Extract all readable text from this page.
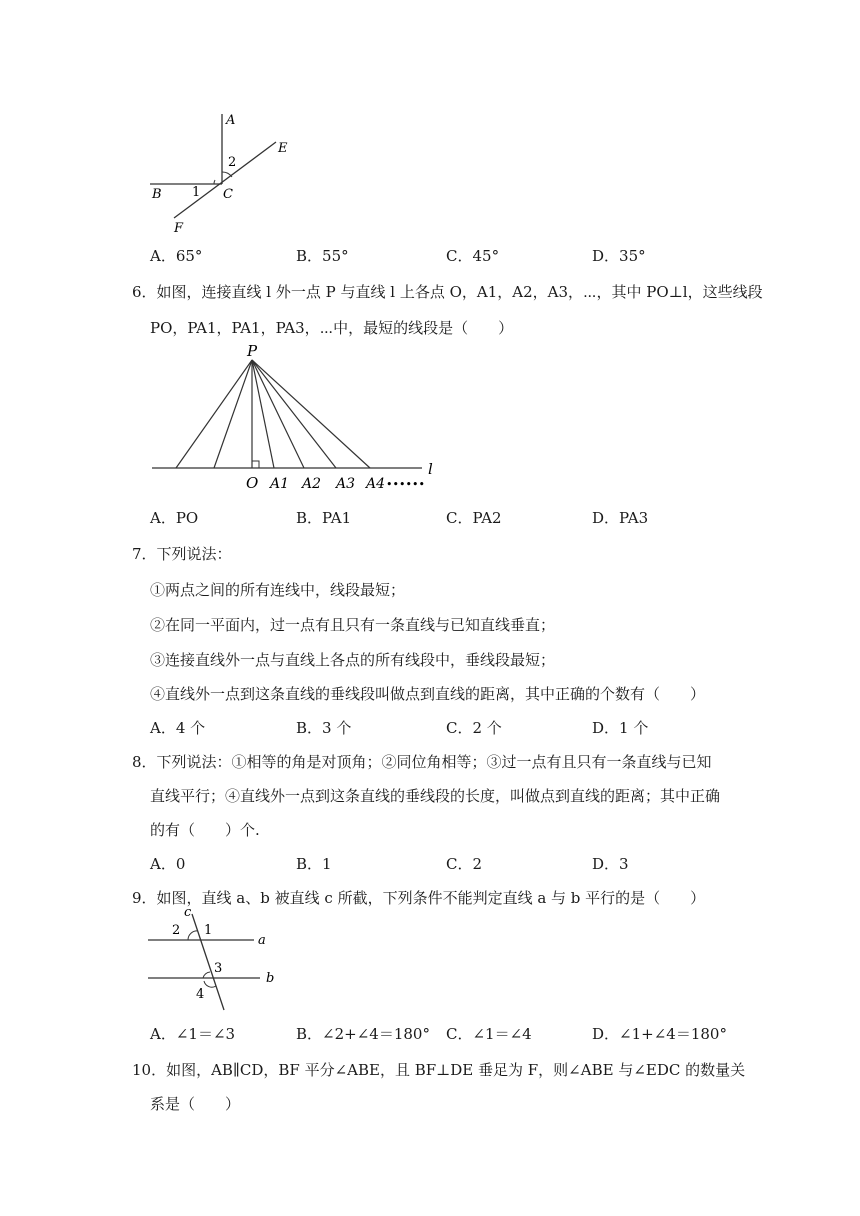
A
2
E
B 1 C
F
A．65°	B．55°	C．45°	D．35°
6．如图，连接直线 l 外一点 P 与直线 l 上各点 O，A1，A2，A3，⋯，其中 PO⊥l，这些线段
PO，PA1，PA1，PA3，⋯中，最短的线段是（　　）
P
l
O A1 A2 A3 A4 ••••••
A．PO	B．PA1	C．PA2	D．PA3
7．下列说法：
①两点之间的所有连线中，线段最短；
②在同一平面内，过一点有且只有一条直线与已知直线垂直；
③连接直线外一点与直线上各点的所有线段中，垂线段最短；
④直线外一点到这条直线的垂线段叫做点到直线的距离，其中正确的个数有（　　）
A．4 个	B．3 个	C．2 个	D．1 个
8．下列说法：①相等的角是对顶角；②同位角相等；③过一点有且只有一条直线与已知
直线平行；④直线外一点到这条直线的垂线段的长度，叫做点到直线的距离；其中正确
的有（　　）个.
A．0	B．1	C．2	D．3
9．如图，直线 a、b 被直线 c 所截，下列条件不能判定直线 a 与 b 平行的是（　　）
c
2 1
a
3
b
4
A．∠1＝∠3	B．∠2+∠4＝180° C．∠1＝∠4	D．∠1+∠4＝180°
10．如图，AB∥CD，BF 平分∠ABE，且 BF⊥DE 垂足为 F，则∠ABE 与∠EDC 的数量关
系是（　　）
